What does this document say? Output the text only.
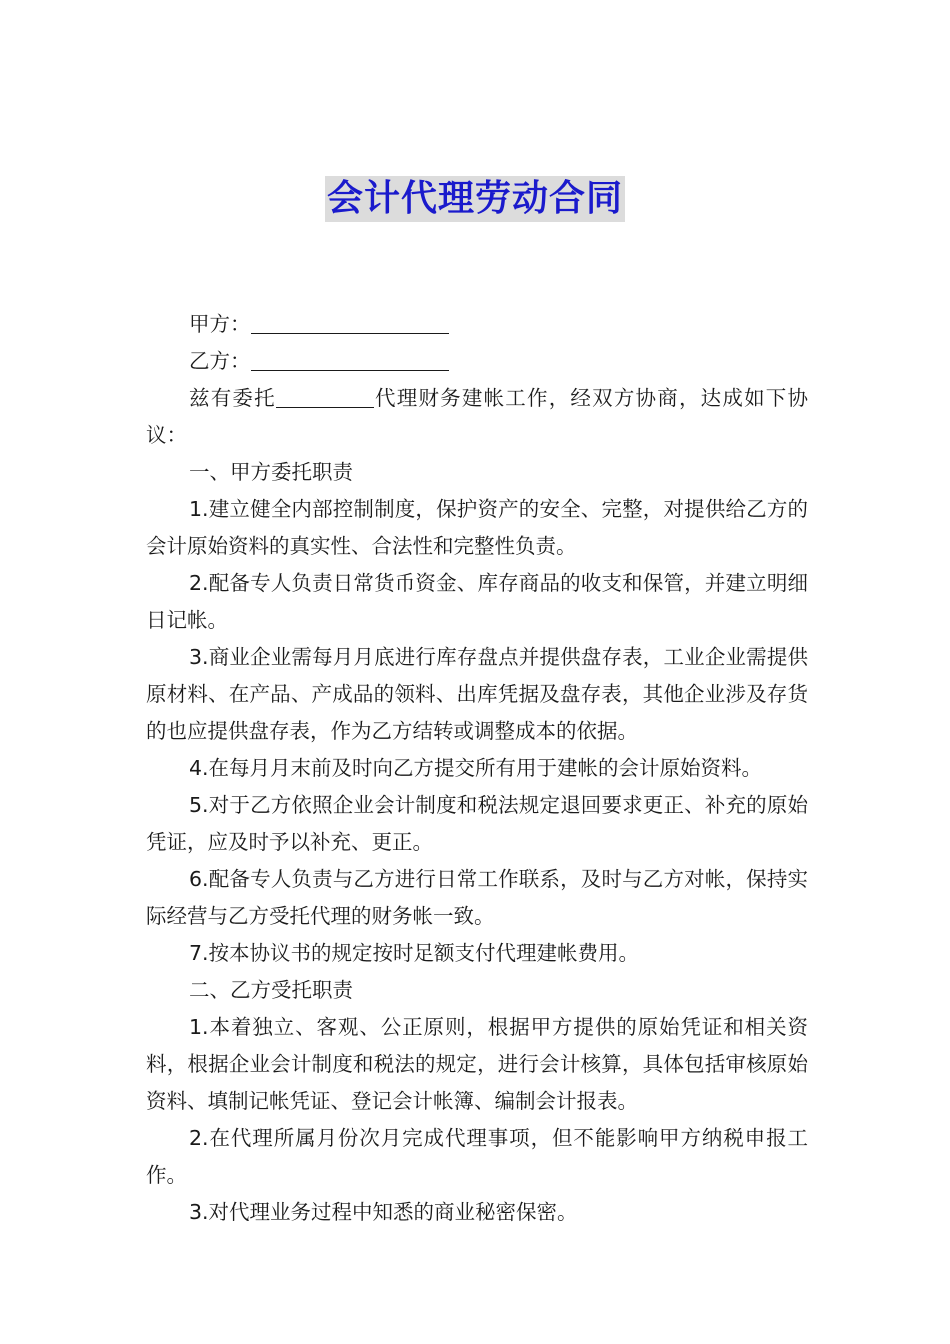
会计代理劳动合同

甲方：

乙方：

兹有委托	代理财务建帐工作，经双方协商，达成如下协议：

一、甲方委托职责

1.建立健全内部控制制度，保护资产的安全、完整，对提供给乙方的会计原始资料的真实性、合法性和完整性负责。

2.配备专人负责日常货币资金、库存商品的收支和保管，并建立明细日记帐。

3.商业企业需每月月底进行库存盘点并提供盘存表，工业企业需提供原材料、在产品、产成品的领料、出库凭据及盘存表，其他企业涉及存货的也应提供盘存表，作为乙方结转或调整成本的依据。

4.在每月月末前及时向乙方提交所有用于建帐的会计原始资料。

5.对于乙方依照企业会计制度和税法规定退回要求更正、补充的原始凭证，应及时予以补充、更正。

6.配备专人负责与乙方进行日常工作联系，及时与乙方对帐，保持实际经营与乙方受托代理的财务帐一致。

7.按本协议书的规定按时足额支付代理建帐费用。

二、乙方受托职责

1.本着独立、客观、公正原则，根据甲方提供的原始凭证和相关资料，根据企业会计制度和税法的规定，进行会计核算，具体包括审核原始资料、填制记帐凭证、登记会计帐簿、编制会计报表。

2.在代理所属月份次月完成代理事项，但不能影响甲方纳税申报工作。

3.对代理业务过程中知悉的商业秘密保密。
